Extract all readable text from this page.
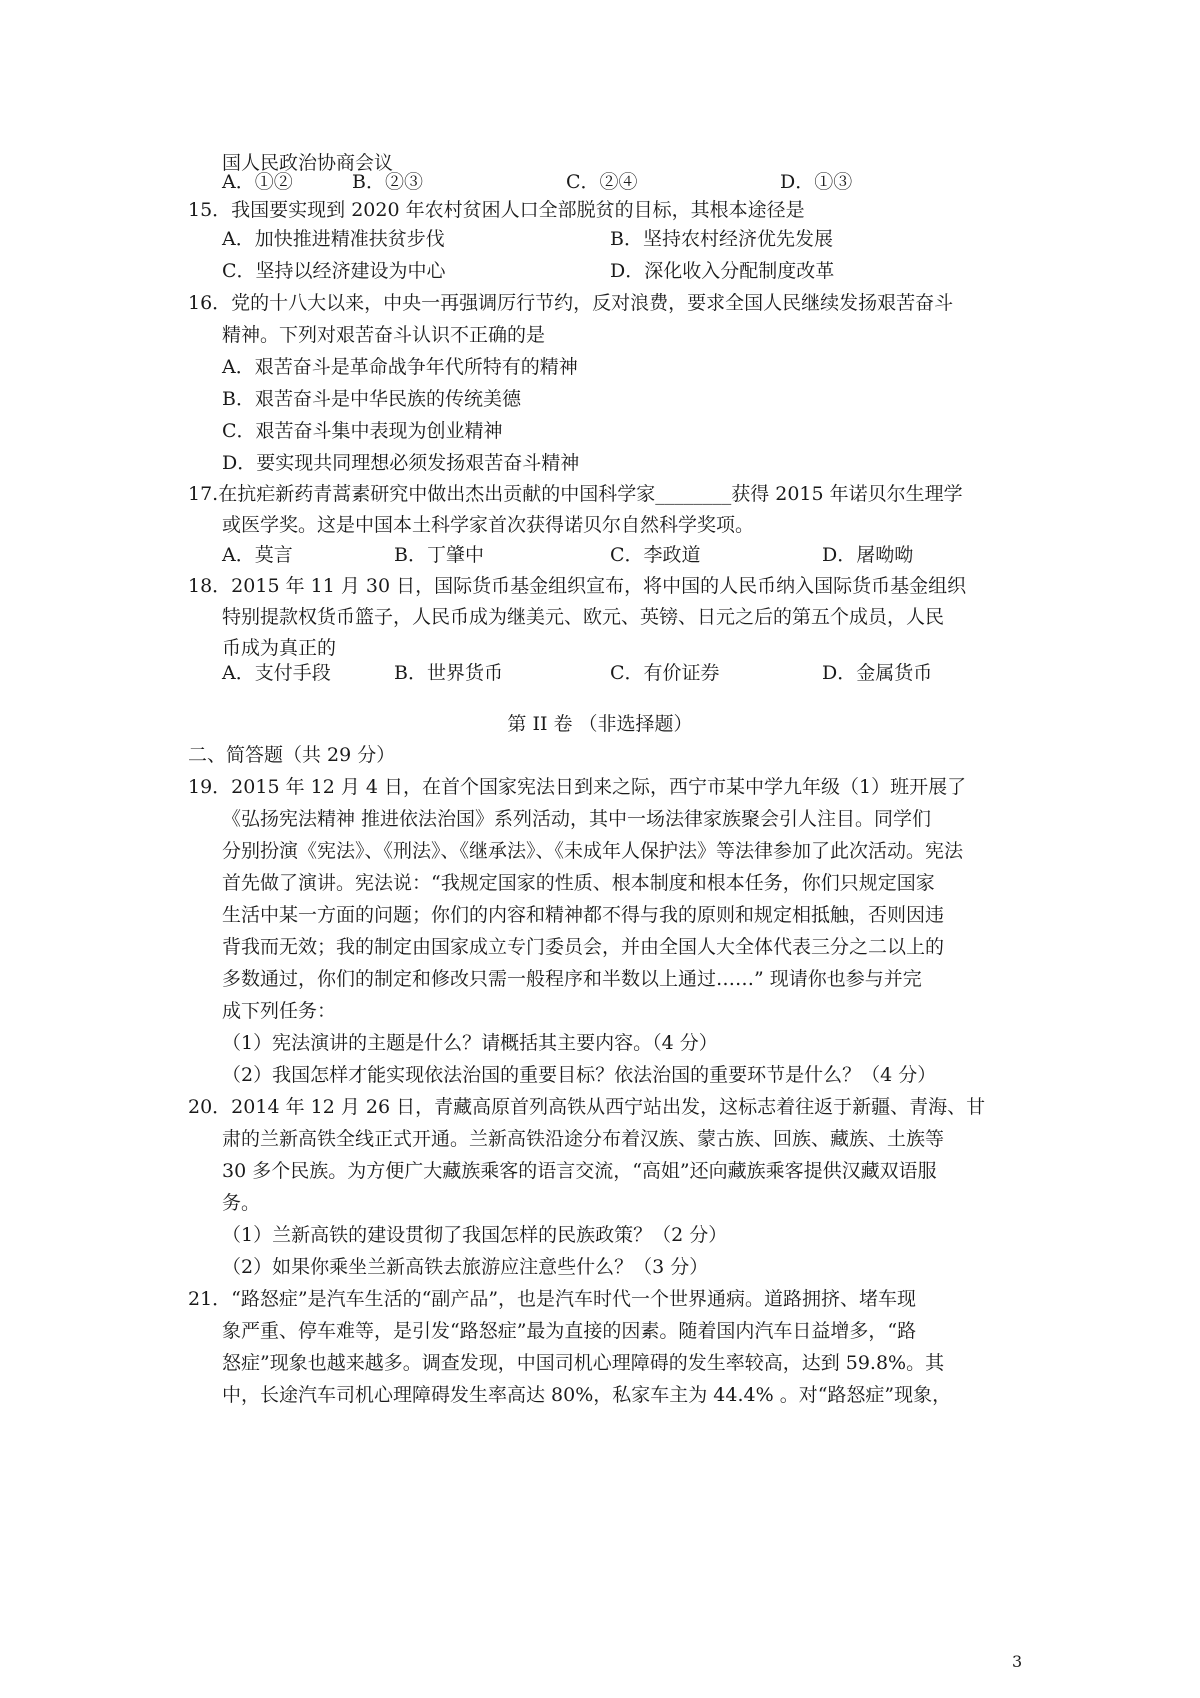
国人民政治协商会议
A．①②	B．②③	C．②④	D．①③
15．我国要实现到 2020 年农村贫困人口全部脱贫的目标，其根本途径是
A．加快推进精准扶贫步伐	B．坚持农村经济优先发展
C．坚持以经济建设为中心	D．深化收入分配制度改革
16．党的十八大以来，中央一再强调厉行节约，反对浪费，要求全国人民继续发扬艰苦奋斗
精神。下列对艰苦奋斗认识不正确的是
A．艰苦奋斗是革命战争年代所特有的精神
B．艰苦奋斗是中华民族的传统美德
C．艰苦奋斗集中表现为创业精神
D．要实现共同理想必须发扬艰苦奋斗精神
17.在抗疟新药青蒿素研究中做出杰出贡献的中国科学家________获得 2015 年诺贝尔生理学
或医学奖。这是中国本土科学家首次获得诺贝尔自然科学奖项。
A．莫言	B．丁肇中	C．李政道	D．屠呦呦
18．2015 年 11 月 30 日，国际货币基金组织宣布，将中国的人民币纳入国际货币基金组织
特别提款权货币篮子，人民币成为继美元、欧元、英镑、日元之后的第五个成员，人民
币成为真正的
A．支付手段	B．世界货币	C．有价证券	D．金属货币
第 II 卷 （非选择题）
二、简答题（共 29 分）
19．2015 年 12 月 4 日，在首个国家宪法日到来之际，西宁市某中学九年级（1）班开展了
《弘扬宪法精神 推进依法治国》系列活动，其中一场法律家族聚会引人注目。同学们
分别扮演《宪法》、《刑法》、《继承法》、《未成年人保护法》等法律参加了此次活动。宪法
首先做了演讲。宪法说：“我规定国家的性质、根本制度和根本任务，你们只规定国家
生活中某一方面的问题；你们的内容和精神都不得与我的原则和规定相抵触，否则因违
背我而无效；我的制定由国家成立专门委员会，并由全国人大全体代表三分之二以上的
多数通过，你们的制定和修改只需一般程序和半数以上通过……” 现请你也参与并完
成下列任务：
（1）宪法演讲的主题是什么？请概括其主要内容。（4 分）
（2）我国怎样才能实现依法治国的重要目标？依法治国的重要环节是什么？（4 分）
20．2014 年 12 月 26 日，青藏高原首列高铁从西宁站出发，这标志着往返于新疆、青海、甘
肃的兰新高铁全线正式开通。兰新高铁沿途分布着汉族、蒙古族、回族、藏族、土族等
30 多个民族。为方便广大藏族乘客的语言交流，“高姐”还向藏族乘客提供汉藏双语服
务。
（1）兰新高铁的建设贯彻了我国怎样的民族政策？（2 分）
（2）如果你乘坐兰新高铁去旅游应注意些什么？（3 分）
21．“路怒症”是汽车生活的“副产品”，也是汽车时代一个世界通病。道路拥挤、堵车现
象严重、停车难等，是引发“路怒症”最为直接的因素。随着国内汽车日益增多，“路
怒症”现象也越来越多。调查发现，中国司机心理障碍的发生率较高，达到 59.8%。其
中，长途汽车司机心理障碍发生率高达 80%，私家车主为 44.4% 。对“路怒症”现象，
3
